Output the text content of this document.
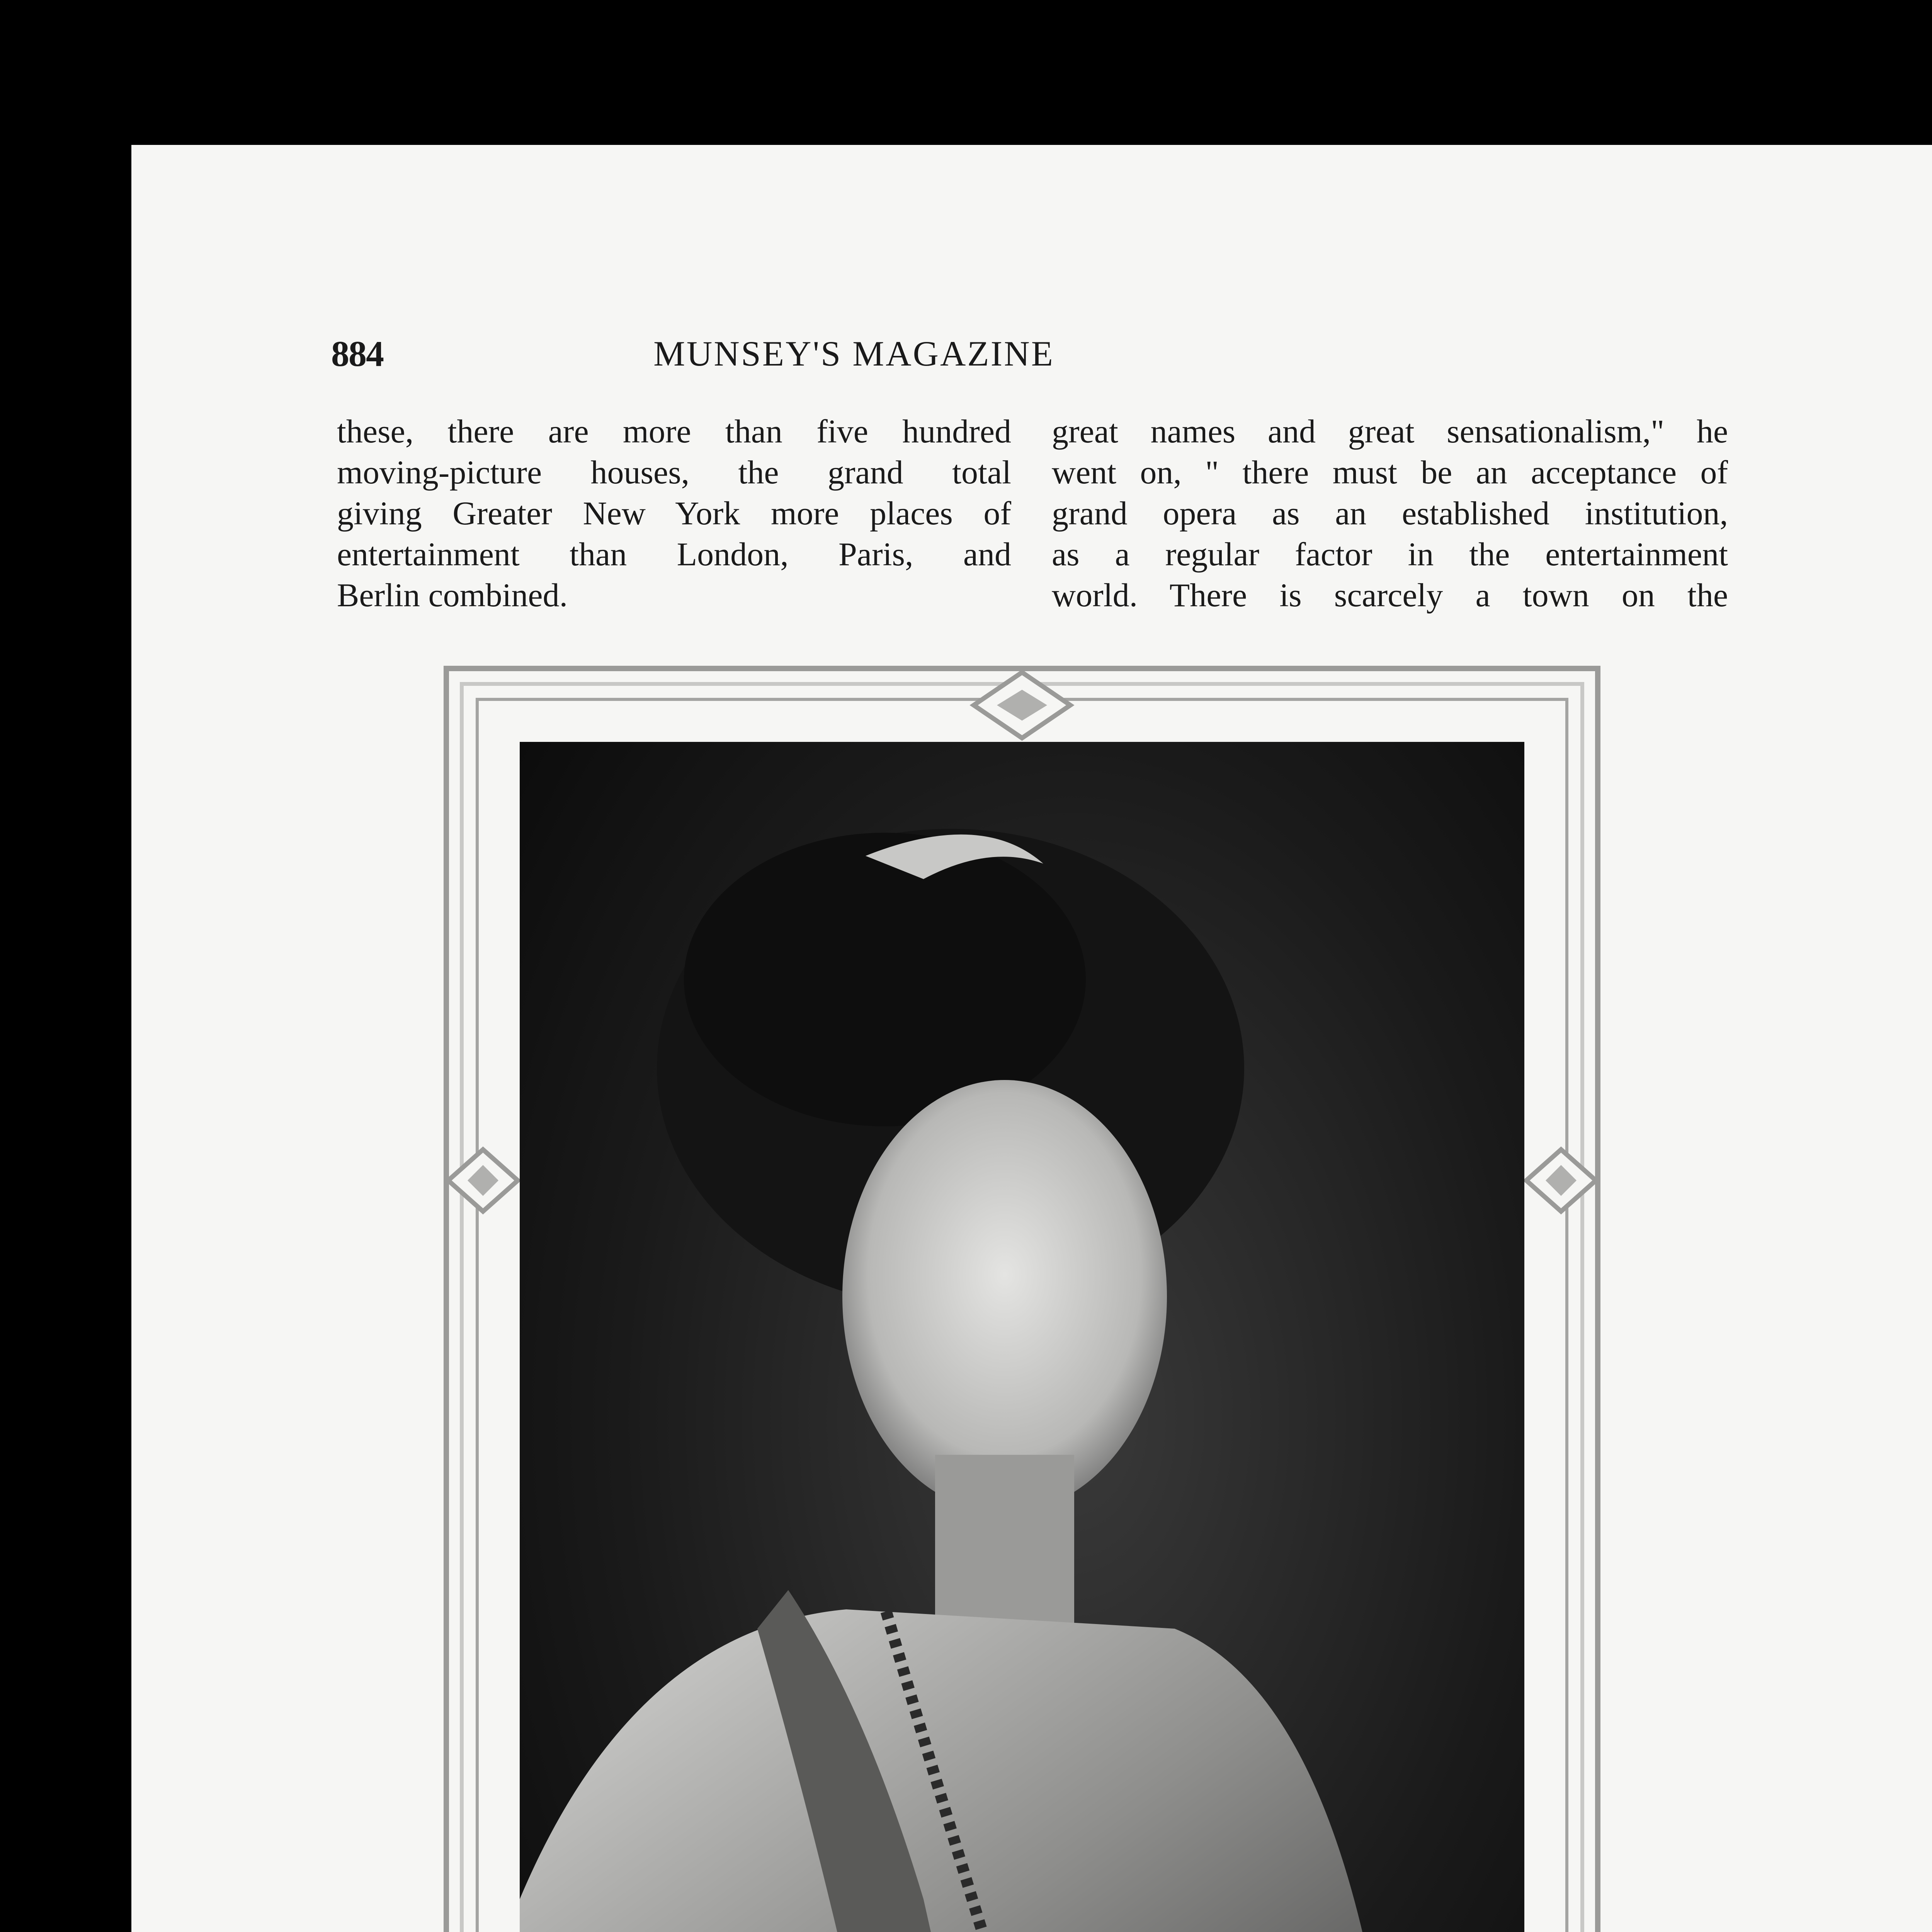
884	MUNSEY'S MAGAZINE
these, there are more than five hundred
moving-picture houses, the grand total
giving Greater New York more places of
entertainment than London, Paris, and
Berlin combined.
great names and great sensationalism," he
went on, " there must be an acceptance of
grand opera as an established institution,
as a regular factor in the entertainment
world. There is scarcely a town on the
